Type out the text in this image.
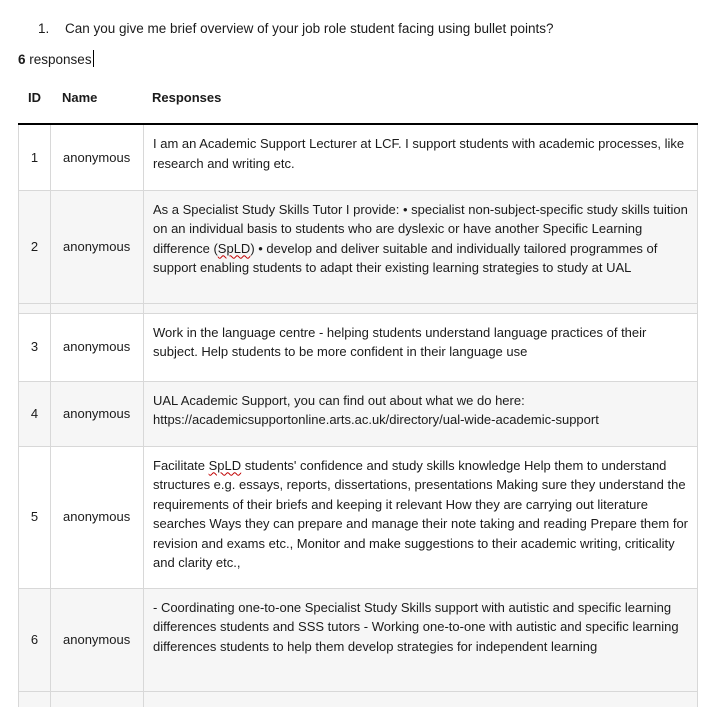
1.	Can you give me brief overview of your job role student facing using bullet points?
6 responses
ID	Name	Responses
1	anonymous	I am an Academic Support Lecturer at LCF. I support students with academic processes, like research and writing etc.
2	anonymous	As a Specialist Study Skills Tutor I provide: • specialist non-subject-specific study skills tuition on an individual basis to students who are dyslexic or have another Specific Learning difference (SpLD) • develop and deliver suitable and individually tailored programmes of support enabling students to adapt their existing learning strategies to study at UAL

3	anonymous	Work in the language centre - helping students understand language practices of their subject. Help students to be more confident in their language use
4	anonymous	UAL Academic Support, you can find out about what we do here: https://academicsupportonline.arts.ac.uk/directory/ual-wide-academic-support
5	anonymous	Facilitate SpLD students' confidence and study skills knowledge Help them to understand structures e.g. essays, reports, dissertations, presentations Making sure they understand the requirements of their briefs and keeping it relevant How they are carrying out literature searches Ways they can prepare and manage their note taking and reading Prepare them for revision and exams etc., Monitor and make suggestions to their academic writing, criticality and clarity etc.,
6	anonymous	- Coordinating one-to-one Specialist Study Skills support with autistic and specific learning differences students and SSS tutors - Working one-to-one with autistic and specific learning differences students to help them develop strategies for independent learning
